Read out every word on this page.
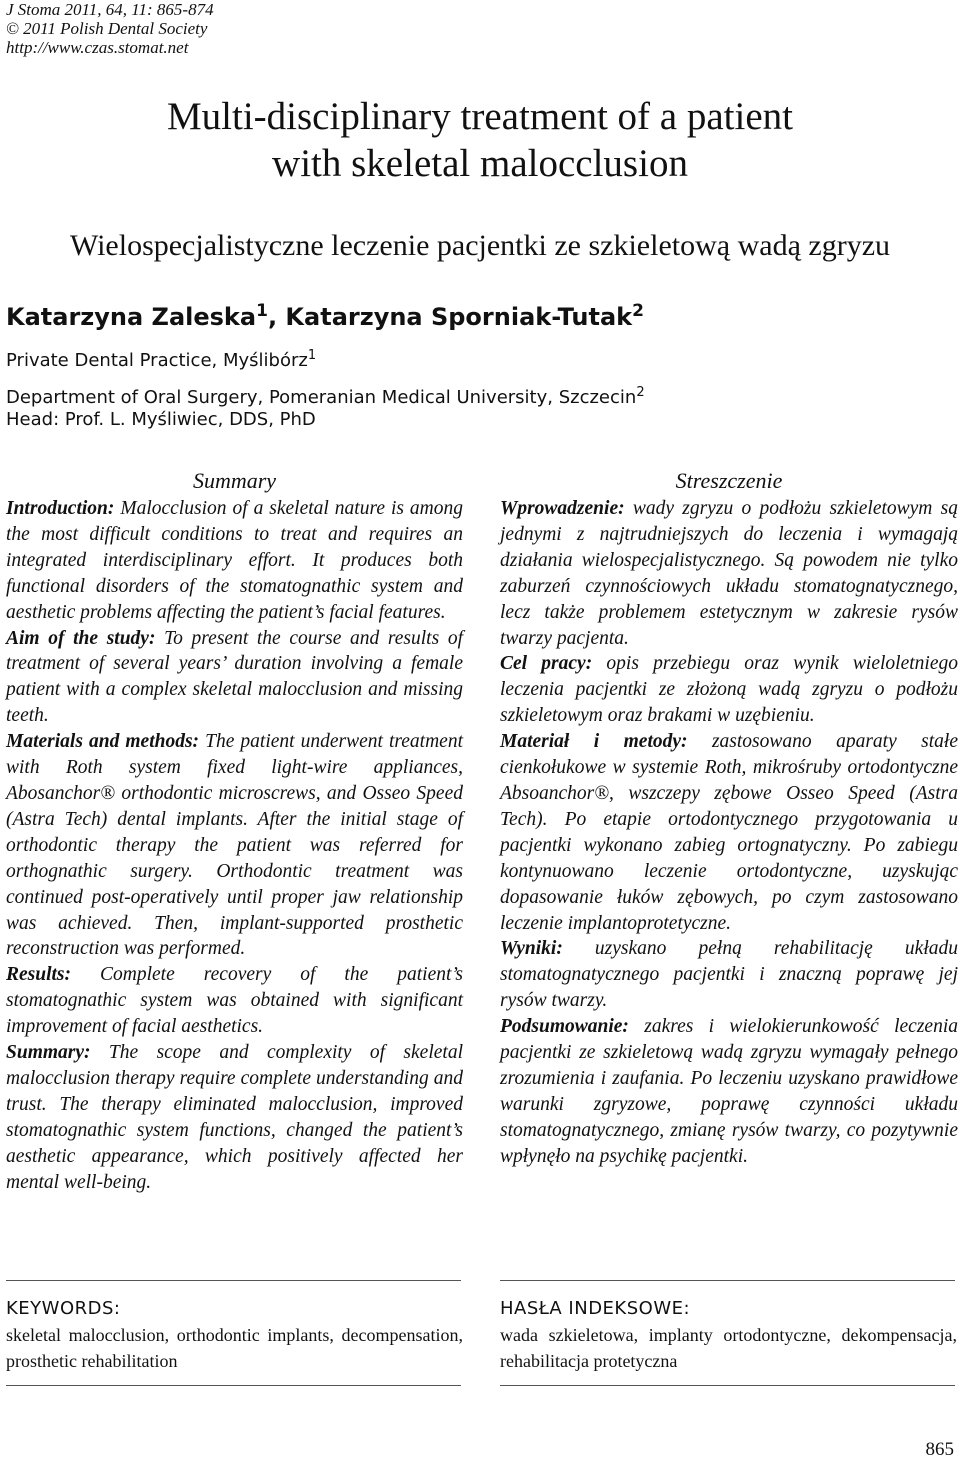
J Stoma 2011, 64, 11: 865-874
© 2011 Polish Dental Society
http://www.czas.stomat.net
Multi-disciplinary treatment of a patient
with skeletal malocclusion
Wielospecjalistyczne leczenie pacjentki ze szkieletową wadą zgryzu
Katarzyna Zaleska$^1$, Katarzyna Sporniak-Tutak$^2$
Private Dental Practice, Myślibórz$^1$
Department of Oral Surgery, Pomeranian Medical University, Szczecin$^2$
Head: Prof. L. Myśliwiec, DDS, PhD
Summary

Introduction: Malocclusion of a skeletal nature is among the most difficult conditions to treat and requires an integrated interdisciplinary effort. It produces both functional disorders of the stomatognathic system and aesthetic problems affecting the patient’s facial features.

Aim of the study: To present the course and results of treatment of several years’ duration involving a female patient with a complex skeletal malocclusion and missing teeth.

Materials and methods: The patient underwent treatment with Roth system fixed light-wire appliances, Abosanchor® orthodontic microscrews, and Osseo Speed (Astra Tech) dental implants. After the initial stage of orthodontic therapy the patient was referred for orthognathic surgery. Orthodontic treatment was continued post-operatively until proper jaw relationship was achieved. Then, implant-supported prosthetic reconstruction was performed.

Results: Complete recovery of the patient’s stomatognathic system was obtained with significant improvement of facial aesthetics.

Summary: The scope and complexity of skeletal malocclusion therapy require complete understanding and trust. The therapy eliminated malocclusion, improved stomatognathic system functions, changed the patient’s aesthetic appearance, which positively affected her mental well-being.

Streszczenie

Wprowadzenie: wady zgryzu o podłożu szkieletowym są jednymi z najtrudniejszych do leczenia i wymagają działania wielospecjalistycznego. Są powodem nie tylko zaburzeń czynnościowych układu stomatognatycznego, lecz także problemem estetycznym w zakresie rysów twarzy pacjenta.

Cel pracy: opis przebiegu oraz wynik wieloletniego leczenia pacjentki ze złożoną wadą zgryzu o podłożu szkieletowym oraz brakami w uzębieniu.

Materiał i metody: zastosowano aparaty stałe cienkołukowe w systemie Roth, mikrośruby ortodontyczne Absoanchor®, wszczepy zębowe Osseo Speed (Astra Tech). Po etapie ortodontycznego przygotowania u pacjentki wykonano zabieg ortognatyczny. Po zabiegu kontynuowano leczenie ortodontyczne, uzyskując dopasowanie łuków zębowych, po czym zastosowano leczenie implantoprotetyczne.

Wyniki: uzyskano pełną rehabilitację układu stomatognatycznego pacjentki i znaczną poprawę jej rysów twarzy.

Podsumowanie: zakres i wielokierunkowość leczenia pacjentki ze szkieletową wadą zgryzu wymagały pełnego zrozumienia i zaufania. Po leczeniu uzyskano prawidłowe warunki zgryzowe, poprawę czynności układu stomatognatycznego, zmianę rysów twarzy, co pozytywnie wpłynęło na psychikę pacjentki.

KEYWORDS:
skeletal malocclusion, orthodontic implants, decompensation, prosthetic rehabilitation
HASŁA INDEKSOWE:
wada szkieletowa, implanty ortodontyczne, dekompensacja, rehabilitacja protetyczna
865
